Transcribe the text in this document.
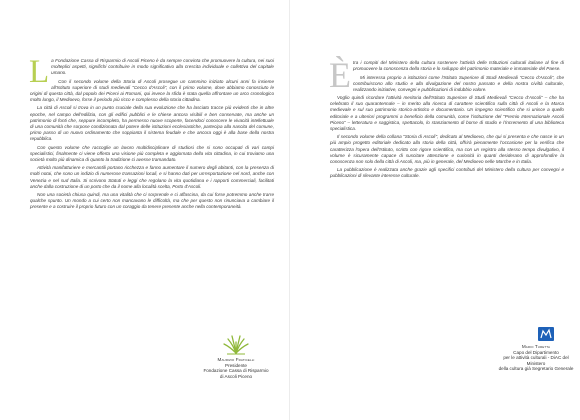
La Fondazione Cassa di Risparmio di Ascoli Piceno è da sempre convinta che promuovere la cultura, nei suoi molteplici aspetti, significhi contribuire in modo significativo alla crescita individuale e collettiva del capitale umano.

Con il secondo volume della Storia di Ascoli prosegue un cammino iniziato alcuni anni fa insieme all'Istituto superiore di studi medievali "Cecco d'Ascoli", con il primo volume, dove abbiamo conosciuto le origini di questa città, dal popolo dei Piceni ai Romani, qui invece la sfida è stata quella affrontare un arco cronologico molto lungo, il Medioevo, forse il periodo più ricco e complesso della storia cittadina.

La città di Ascoli si trova in un punto cruciale della sua evoluzione che ha lasciato tracce più evidenti che in altre epoche, nel campo dell'edilizia, con gli edifici pubblici e le chiese ancora visibili e ben conservate, ma anche un patrimonio di fonti che, seppure incompleto, ha permesso nuove scoperte, facendoci conoscere le vivacità intellettuale di una comunità che sorpose condizionata dal potere delle istituzioni ecclesiastiche, partecipa alla nascita del comune, primo passo di un nuovo ordinamento che soppianta il sistema feudale e che ancora oggi è alla base della nostra repubblica.

Con questo volume che raccoglie un lavoro multidisciplinare di studiosi che si sono occupati di vari campi specialistici, finalmente ci viene offerta una visione più completa e aggiornata della vita cittadina, in cui troviamo una società molto più dinamica di quanto la tradizione ci avesse tramandato.

Attività manifatturiere e mercantili portano ricchezza e fanno aumentare il numero degli abitanti, con la presenza di molti notai, che sono un indizio di numerose transazioni locali, e si hanno dati per un'esportazione nel nord, anche con Venezia e nel sud Italia. Si scrivono Statuti e leggi che regolano la vita quotidiana e i rapporti commerciali, facilitati anche dalla costruzione di un porto che da il nome alla località scelta, Porto d'Ascoli.

Non una società chiusa quindi, ma una vitalità che ci sorprende e ci affascina, da cui forse potremmo anche trarre qualche spunto. Un mondo a cui certo non mancavano le difficoltà, ma che per questo non rinunciava a cambiare il presente e a costruire il proprio futuro con un coraggio da tenere presente anche nella contemporaneità.

Maurizio Fraticelli
Presidente
Fondazione Cassa di Risparmio
di Ascoli Piceno

Ètra i compiti del Ministero della cultura sostenere l'attività delle Istituzioni culturali italiane al fine di promuovere la conoscenza della storia e lo sviluppo del patrimonio materiale e immateriale del Paese.

Mi interessa proprio a istituzioni come l'Istituto Superiore di Studi Medievali "Cecco d'Ascoli", che contribuiscono allo studio e alla divulgazione del nostro passato e della nostra civiltà culturale, realizzando iniziative, convegni e pubblicazioni di indubbio valore.

Voglio quindi ricordare l'attività meritoria dell'Istituto Superiore di Studi Medievali "Cecco d'Ascoli" – che ha celebrato il suo quarantennale – in merito alla ricerca di carattere scientifico sulla città di Ascoli e la Marca medievale e sul suo patrimonio storico-artistico e documentario. Un impegno scientifico che si unisce a quello editoriale e a ulteriori programmi a beneficio della comunità, come l'istituzione del "Premio Internazionale Ascoli Piceno" – letteratura e saggistica, spettacolo, lo stanziamento di borse di studio e l'incremento di una biblioteca specialistica.

Il secondo volume della collana "Storia di Ascoli", dedicato al Medioevo, che qui si presenta e che nasce in un più ampio progetto editoriale dedicato alla storia della città, offrirà pienamente l'occasione per la verifica che caratterizza l'opera dell'Istituto, scritto con rigore scientifico, ma con un registro alla stesso tempo divulgativo, il volume è sicuramente capace di suscitare attenzione e curiosità in quanti desiderano di approfondire la conoscenza non solo della città di Ascoli, ma, più in generale, del Medioevo nelle Marche e in Italia.

La pubblicazione è realizzata anche grazie agli specifici contributi del Ministero della cultura per convegni e pubblicazioni di rilevante interesse culturale.

Mario Turetta
Capo del Dipartimento
per le attività culturali - DiAC del Ministero
della cultura già Segretario Generale
